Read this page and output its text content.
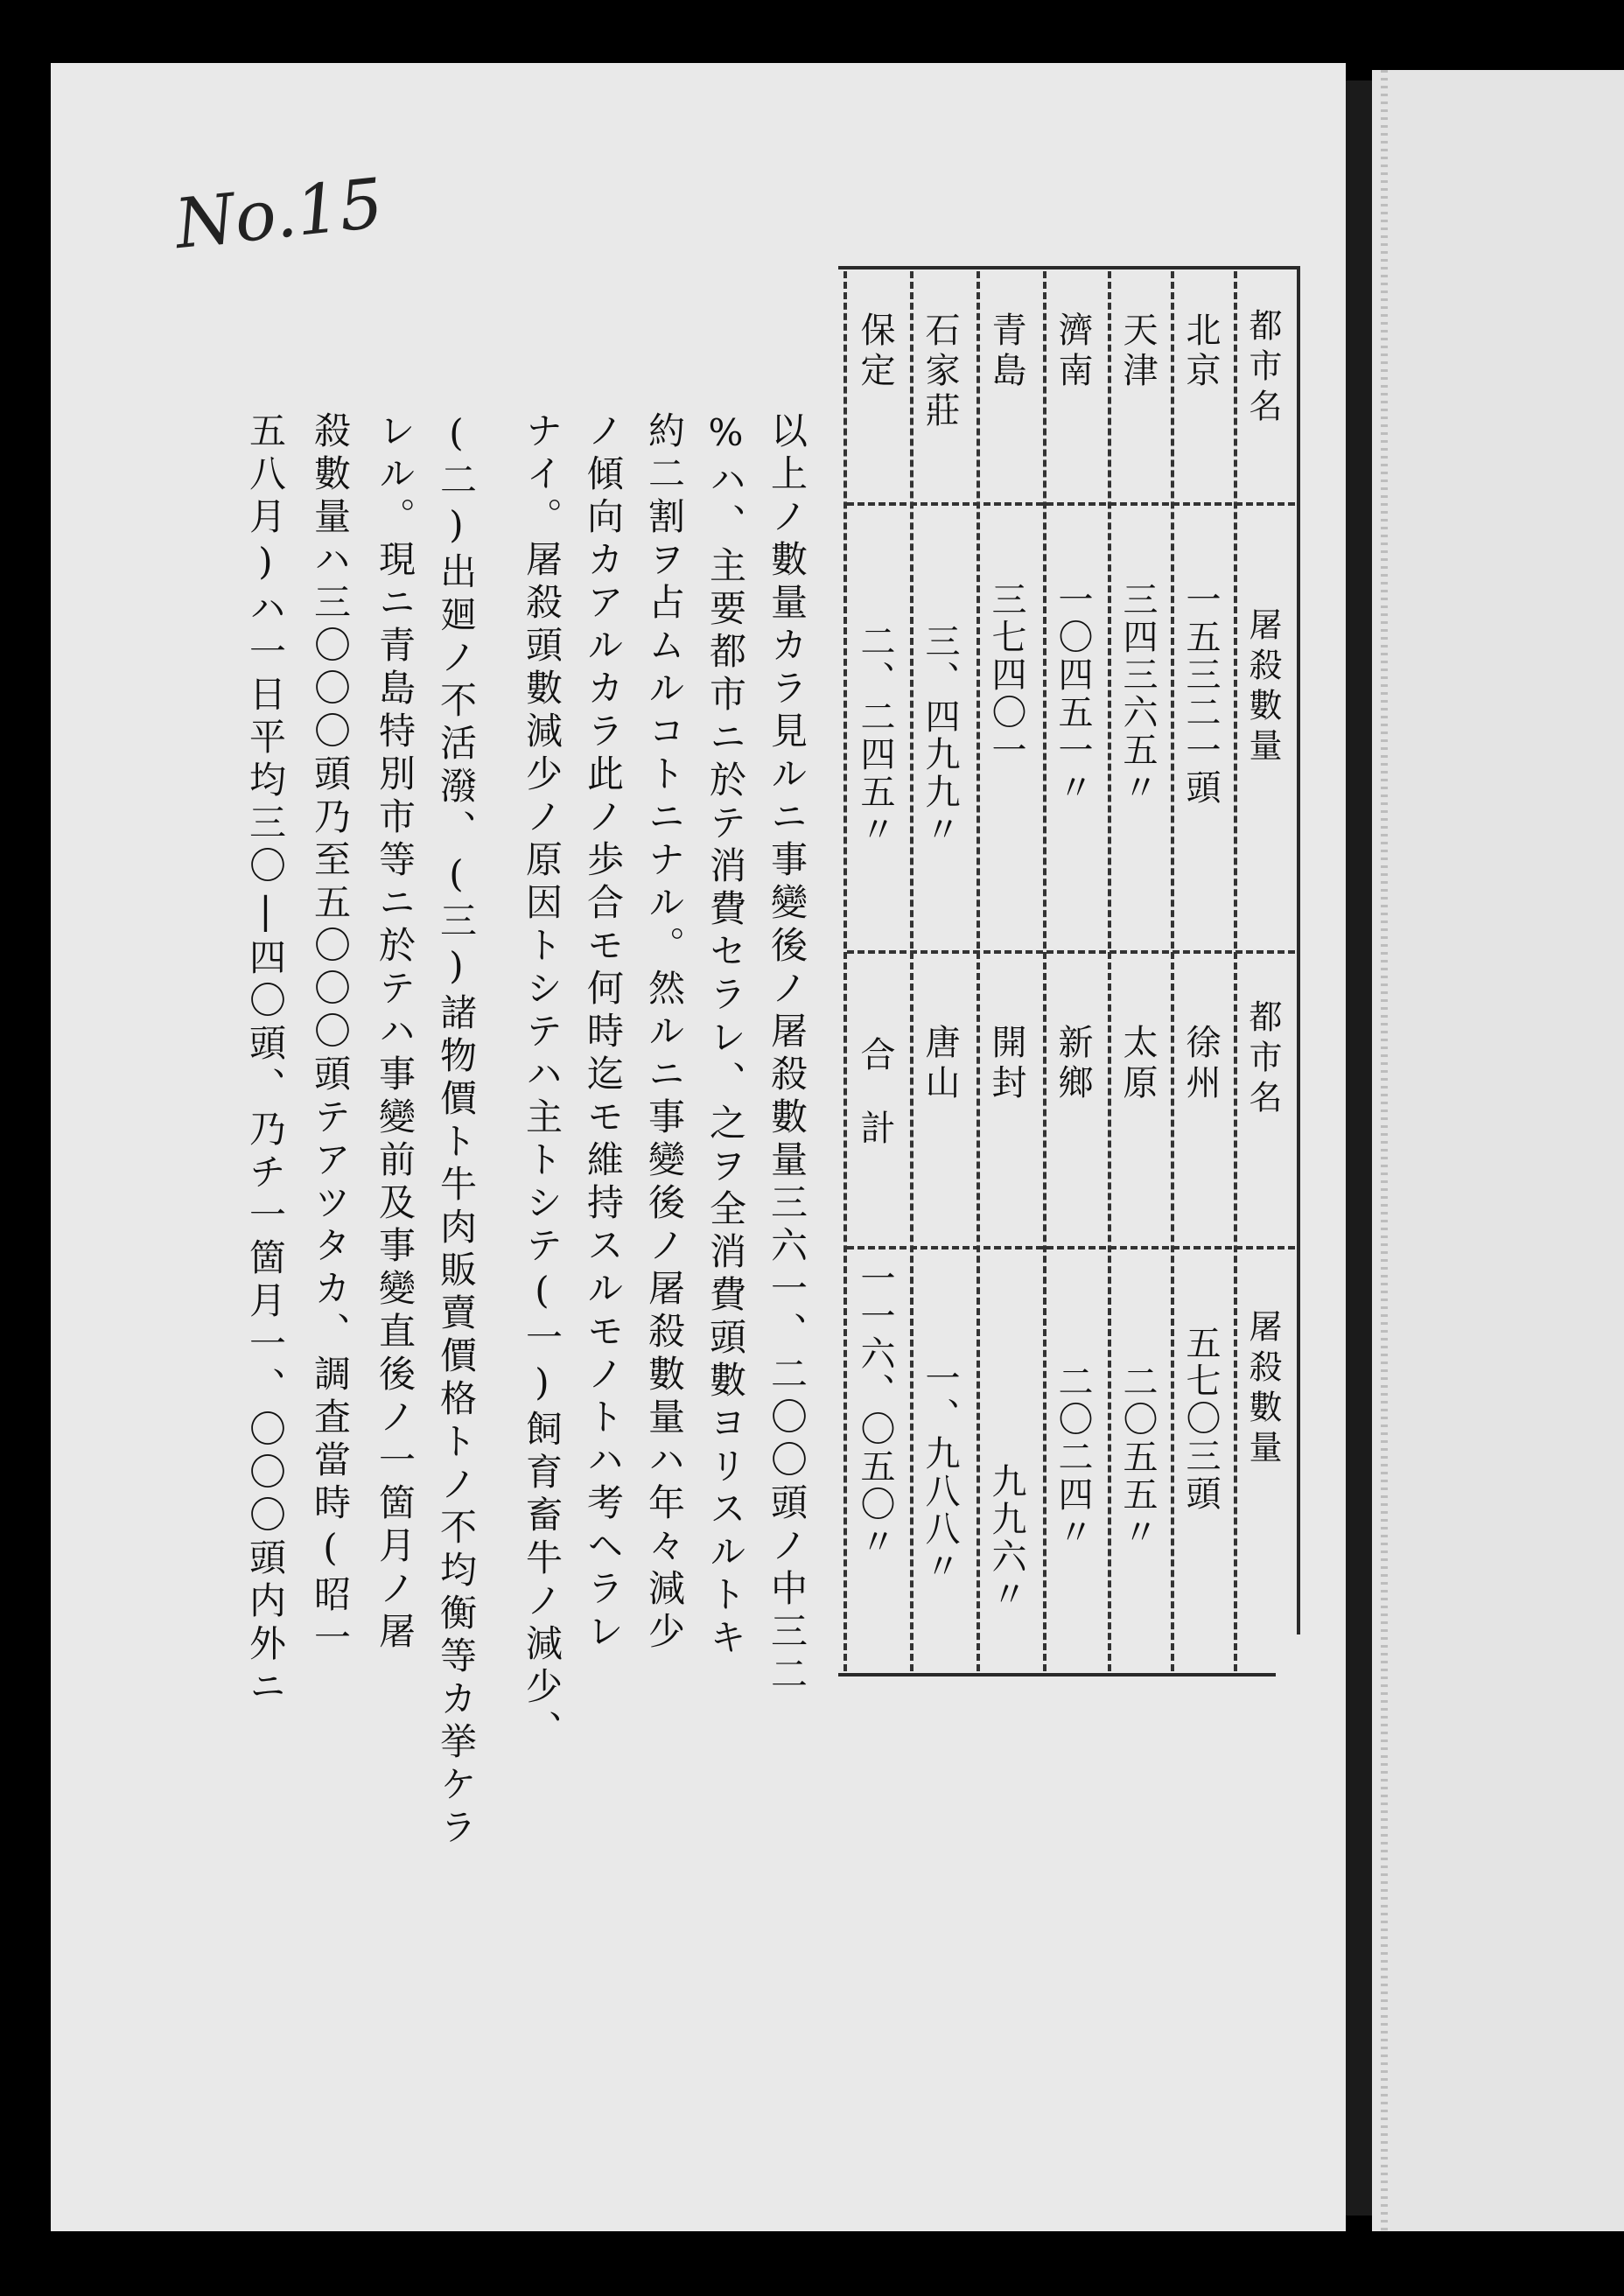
No.15
都市名
屠殺數量
都市名
屠殺數量
北京
天津
濟南
青島
石家莊
保定
一五三二一頭
三四三六五〃
一〇四五一〃
三七四〇一
三、四九九〃
二、二四五〃
徐州
太原
新鄉
開封
唐山
合計
五七〇三頭
二〇五五〃
二〇二四〃
九九六〃
一、九八八〃
一一六、〇五〇〃
以上ノ數量カラ見ルニ事變後ノ屠殺數量三六一、二〇〇頭ノ中三二
%ハ、主要都市ニ於テ消費セラレ、之ヲ全消費頭數ヨリスルトキ
約二割ヲ占ムルコトニナル。然ルニ事變後ノ屠殺數量ハ年々減少
ノ傾向カアルカラ此ノ歩合モ何時迄モ維持スルモノトハ考ヘラレ
ナイ。屠殺頭數減少ノ原因トシテハ主トシテ(一)飼育畜牛ノ減少、
(二)出廻ノ不活潑、(三)諸物價ト牛肉販賣價格トノ不均衡等カ挙ケラ
レル。現ニ青島特別市等ニ於テハ事變前及事變直後ノ一箇月ノ屠
殺數量ハ三〇〇〇頭乃至五〇〇〇頭テアツタカ、調査當時(昭一
五八月)ハ一日平均三〇|四〇頭、乃チ一箇月一、〇〇〇頭内外ニ
